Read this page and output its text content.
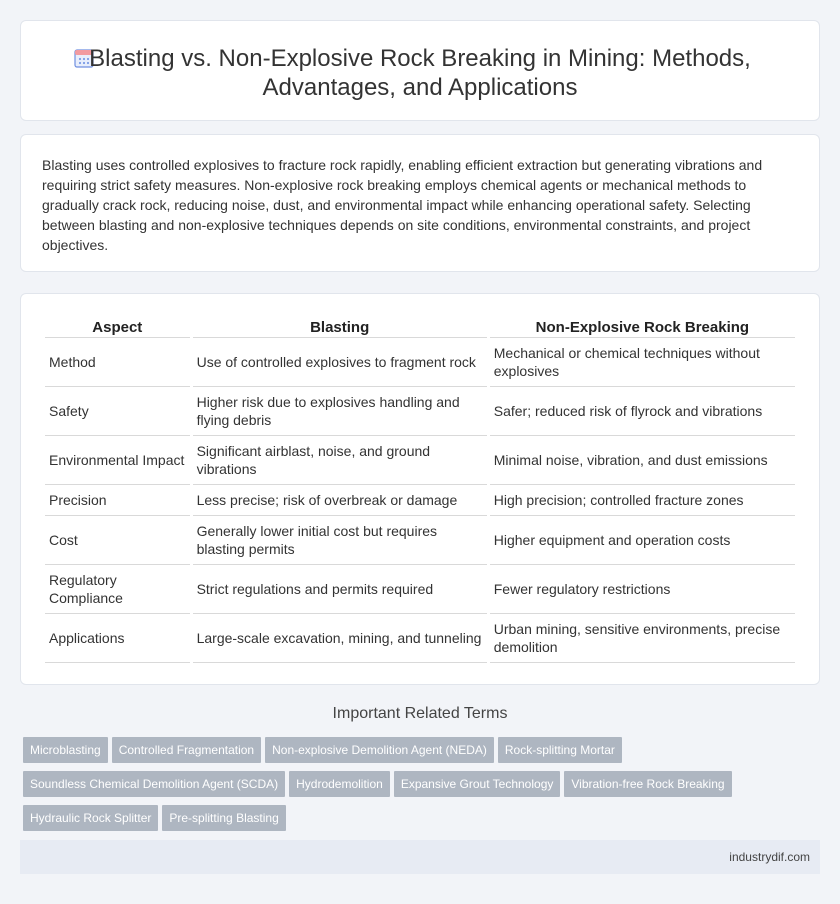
Blasting vs. Non-Explosive Rock Breaking in Mining: Methods,
Advantages, and Applications

Blasting uses controlled explosives to fracture rock rapidly, enabling efficient extraction but generating vibrations and requiring strict safety measures. Non-explosive rock breaking employs chemical agents or mechanical methods to gradually crack rock, reducing noise, dust, and environmental impact while enhancing operational safety. Selecting between blasting and non-explosive techniques depends on site conditions, environmental constraints, and project objectives.

Aspect	Blasting	Non-Explosive Rock Breaking
Method	Use of controlled explosives to fragment rock	Mechanical or chemical techniques without explosives
Safety	Higher risk due to explosives handling and flying debris	Safer; reduced risk of flyrock and vibrations
Environmental Impact	Significant airblast, noise, and ground vibrations	Minimal noise, vibration, and dust emissions
Precision	Less precise; risk of overbreak or damage	High precision; controlled fracture zones
Cost	Generally lower initial cost but requires blasting permits	Higher equipment and operation costs
Regulatory Compliance	Strict regulations and permits required	Fewer regulatory restrictions
Applications	Large-scale excavation, mining, and tunneling	Urban mining, sensitive environments, precise demolition
Important Related Terms
Microblasting Controlled Fragmentation Non-explosive Demolition Agent (NEDA) Rock-splitting MortarSoundless Chemical Demolition Agent (SCDA) Hydrodemolition Expansive Grout Technology Vibration-free Rock BreakingHydraulic Rock Splitter Pre-splitting Blasting
industrydif.com
